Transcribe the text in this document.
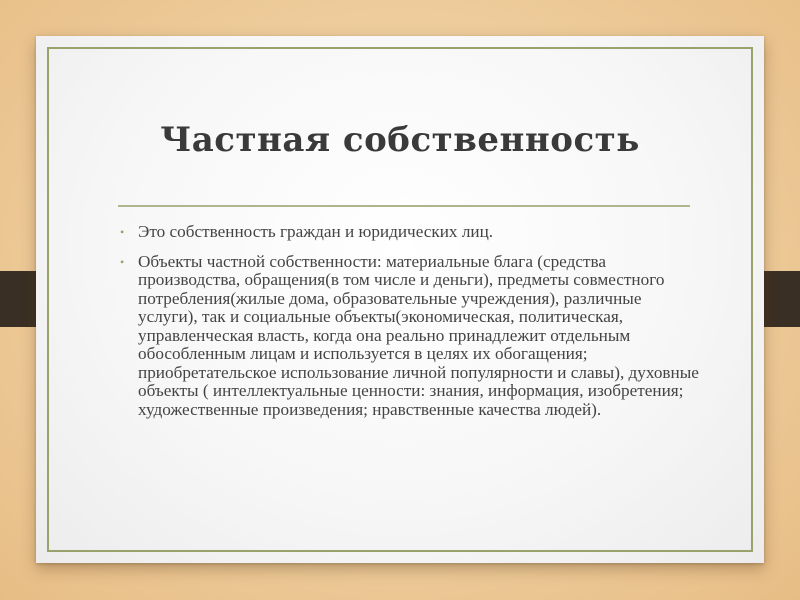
Частная собственность
• Это собственность граждан и юридических лиц.
• Объекты частной собственности: материальные блага (средства производства, обращения(в том числе и деньги), предметы совместного потребления(жилые дома, образовательные учреждения), различные услуги), так и социальные объекты(экономическая, политическая, управленческая власть, когда она реально принадлежит отдельным обособленным лицам и используется в целях их обогащения; приобретательское использование личной популярности и славы), духовные объекты ( интеллектуальные ценности: знания, информация, изобретения; художественные произведения; нравственные качества людей).
